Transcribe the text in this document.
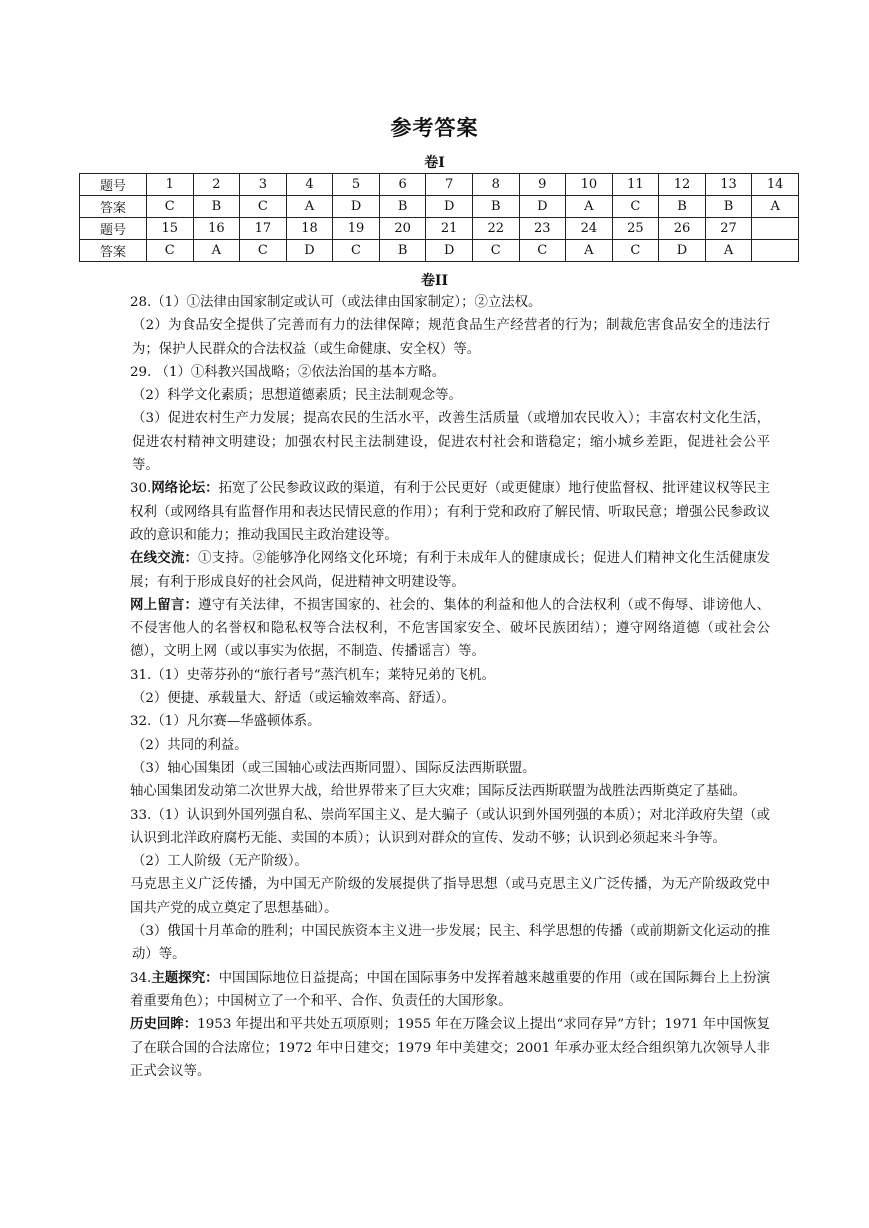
参考答案
卷I
题号	1	2	3	4	5	6	7	8	9	10	11	12	13	14
答案	C	B	C	A	D	B	D	B	D	A	C	B	B	A
题号	15	16	17	18	19	20	21	22	23	24	25	26	27	
答案	C	A	C	D	C	B	D	C	C	A	C	D	A	
卷II

28.（1）①法律由国家制定或认可（或法律由国家制定）；②立法权。

（2）为食品安全提供了完善而有力的法律保障；规范食品生产经营者的行为；制裁危害食品安全的违法行为；保护人民群众的合法权益（或生命健康、安全权）等。

29. （1）①科教兴国战略；②依法治国的基本方略。

（2）科学文化素质；思想道德素质；民主法制观念等。

（3）促进农村生产力发展；提高农民的生活水平，改善生活质量（或增加农民收入）；丰富农村文化生活，促进农村精神文明建设；加强农村民主法制建设，促进农村社会和谐稳定；缩小城乡差距，促进社会公平等。

30.网络论坛：拓宽了公民参政议政的渠道，有利于公民更好（或更健康）地行使监督权、批评建议权等民主权利（或网络具有监督作用和表达民情民意的作用）；有利于党和政府了解民情、听取民意；增强公民参政议政的意识和能力；推动我国民主政治建设等。

在线交流：①支持。②能够净化网络文化环境；有利于未成年人的健康成长；促进人们精神文化生活健康发展；有利于形成良好的社会风尚，促进精神文明建设等。

网上留言：遵守有关法律，不损害国家的、社会的、集体的利益和他人的合法权利（或不侮辱、诽谤他人、不侵害他人的名誉权和隐私权等合法权利，不危害国家安全、破坏民族团结）；遵守网络道德（或社会公德），文明上网（或以事实为依据，不制造、传播谣言）等。

31.（1）史蒂芬孙的“旅行者号”蒸汽机车；莱特兄弟的飞机。

（2）便捷、承载量大、舒适（或运输效率高、舒适）。

32.（1）凡尔赛—华盛顿体系。

（2）共同的利益。

（3）轴心国集团（或三国轴心或法西斯同盟）、国际反法西斯联盟。

轴心国集团发动第二次世界大战，给世界带来了巨大灾难；国际反法西斯联盟为战胜法西斯奠定了基础。

33.（1）认识到外国列强自私、崇尚军国主义、是大骗子（或认识到外国列强的本质）；对北洋政府失望（或认识到北洋政府腐朽无能、卖国的本质）；认识到对群众的宣传、发动不够；认识到必须起来斗争等。

（2）工人阶级（无产阶级）。

马克思主义广泛传播，为中国无产阶级的发展提供了指导思想（或马克思主义广泛传播，为无产阶级政党中国共产党的成立奠定了思想基础）。

（3）俄国十月革命的胜利；中国民族资本主义进一步发展；民主、科学思想的传播（或前期新文化运动的推动）等。

34.主题探究：中国国际地位日益提高；中国在国际事务中发挥着越来越重要的作用（或在国际舞台上上扮演着重要角色）；中国树立了一个和平、合作、负责任的大国形象。

历史回眸：1953 年提出和平共处五项原则；1955 年在万隆会议上提出“求同存异”方针；1971 年中国恢复了在联合国的合法席位；1972 年中日建交；1979 年中美建交；2001 年承办亚太经合组织第九次领导人非正式会议等。
